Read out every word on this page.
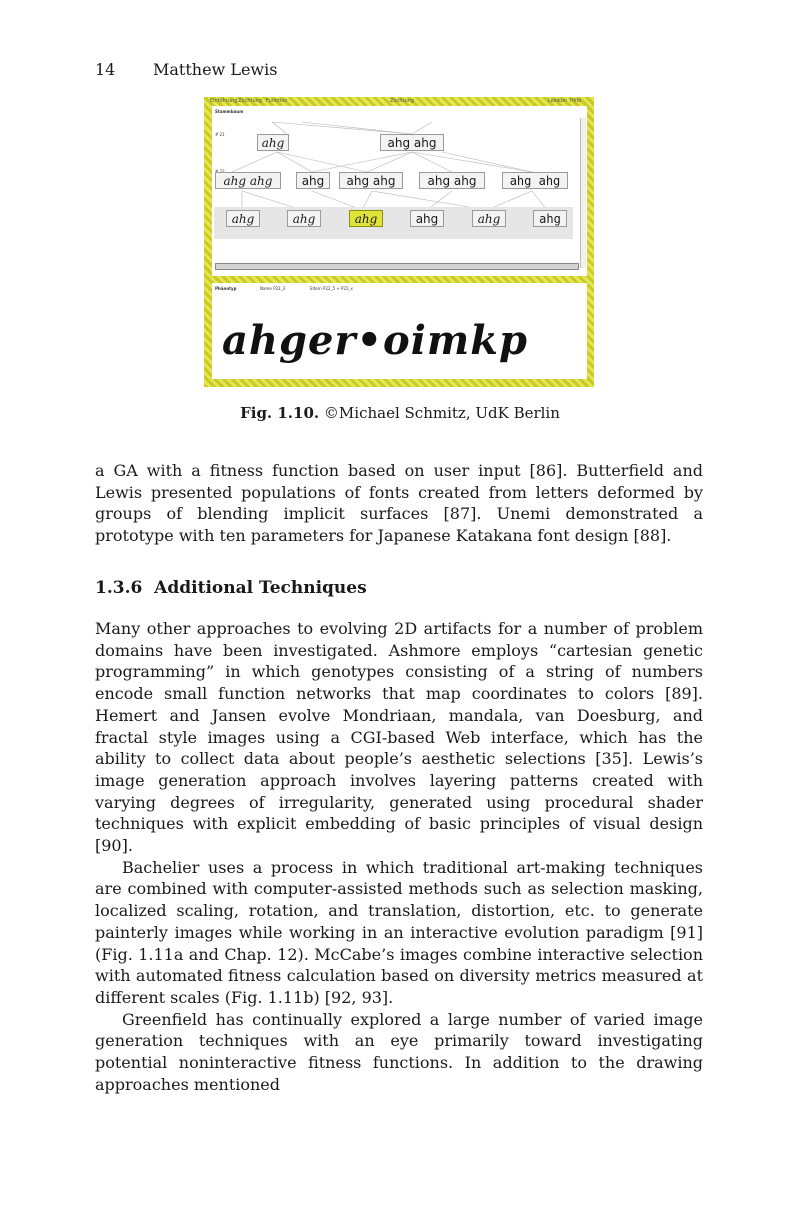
14 Matthew Lewis
Einführung Züchtung Funktion	Züchtung	Lexikon Hilfe
Stammbaum
# 21
ahg	ahg ahg
ahg ahg	ahg	ahg ahg	ahg ahg	ahg ahg
ahg	ahg	ahg	ahg	ahg	ahg
Phänotyp	Name P22_3	Eltern P22_5 + P22_x
ahger•oimkp
Fig. 1.10. ©Michael Schmitz, UdK Berlin

a GA with a fitness function based on user input [86]. Butterfield and Lewis presented populations of fonts created from letters deformed by groups of blending implicit surfaces [87]. Unemi demonstrated a prototype with ten parameters for Japanese Katakana font design [88].

1.3.6 Additional Techniques

Many other approaches to evolving 2D artifacts for a number of problem domains have been investigated. Ashmore employs “cartesian genetic programming” in which genotypes consisting of a string of numbers encode small function networks that map coordinates to colors [89]. Hemert and Jansen evolve Mondriaan, mandala, van Doesburg, and fractal style images using a CGI-based Web interface, which has the ability to collect data about people’s aesthetic selections [35]. Lewis’s image generation approach involves layering patterns created with varying degrees of irregularity, generated using procedural shader techniques with explicit embedding of basic principles of visual design [90].

Bachelier uses a process in which traditional art-making techniques are combined with computer-assisted methods such as selection masking, localized scaling, rotation, and translation, distortion, etc. to generate painterly images while working in an interactive evolution paradigm [91] (Fig. 1.11a and Chap. 12). McCabe’s images combine interactive selection with automated fitness calculation based on diversity metrics measured at different scales (Fig. 1.11b) [92, 93].

Greenfield has continually explored a large number of varied image generation techniques with an eye primarily toward investigating potential noninteractive fitness functions. In addition to the drawing approaches mentioned
